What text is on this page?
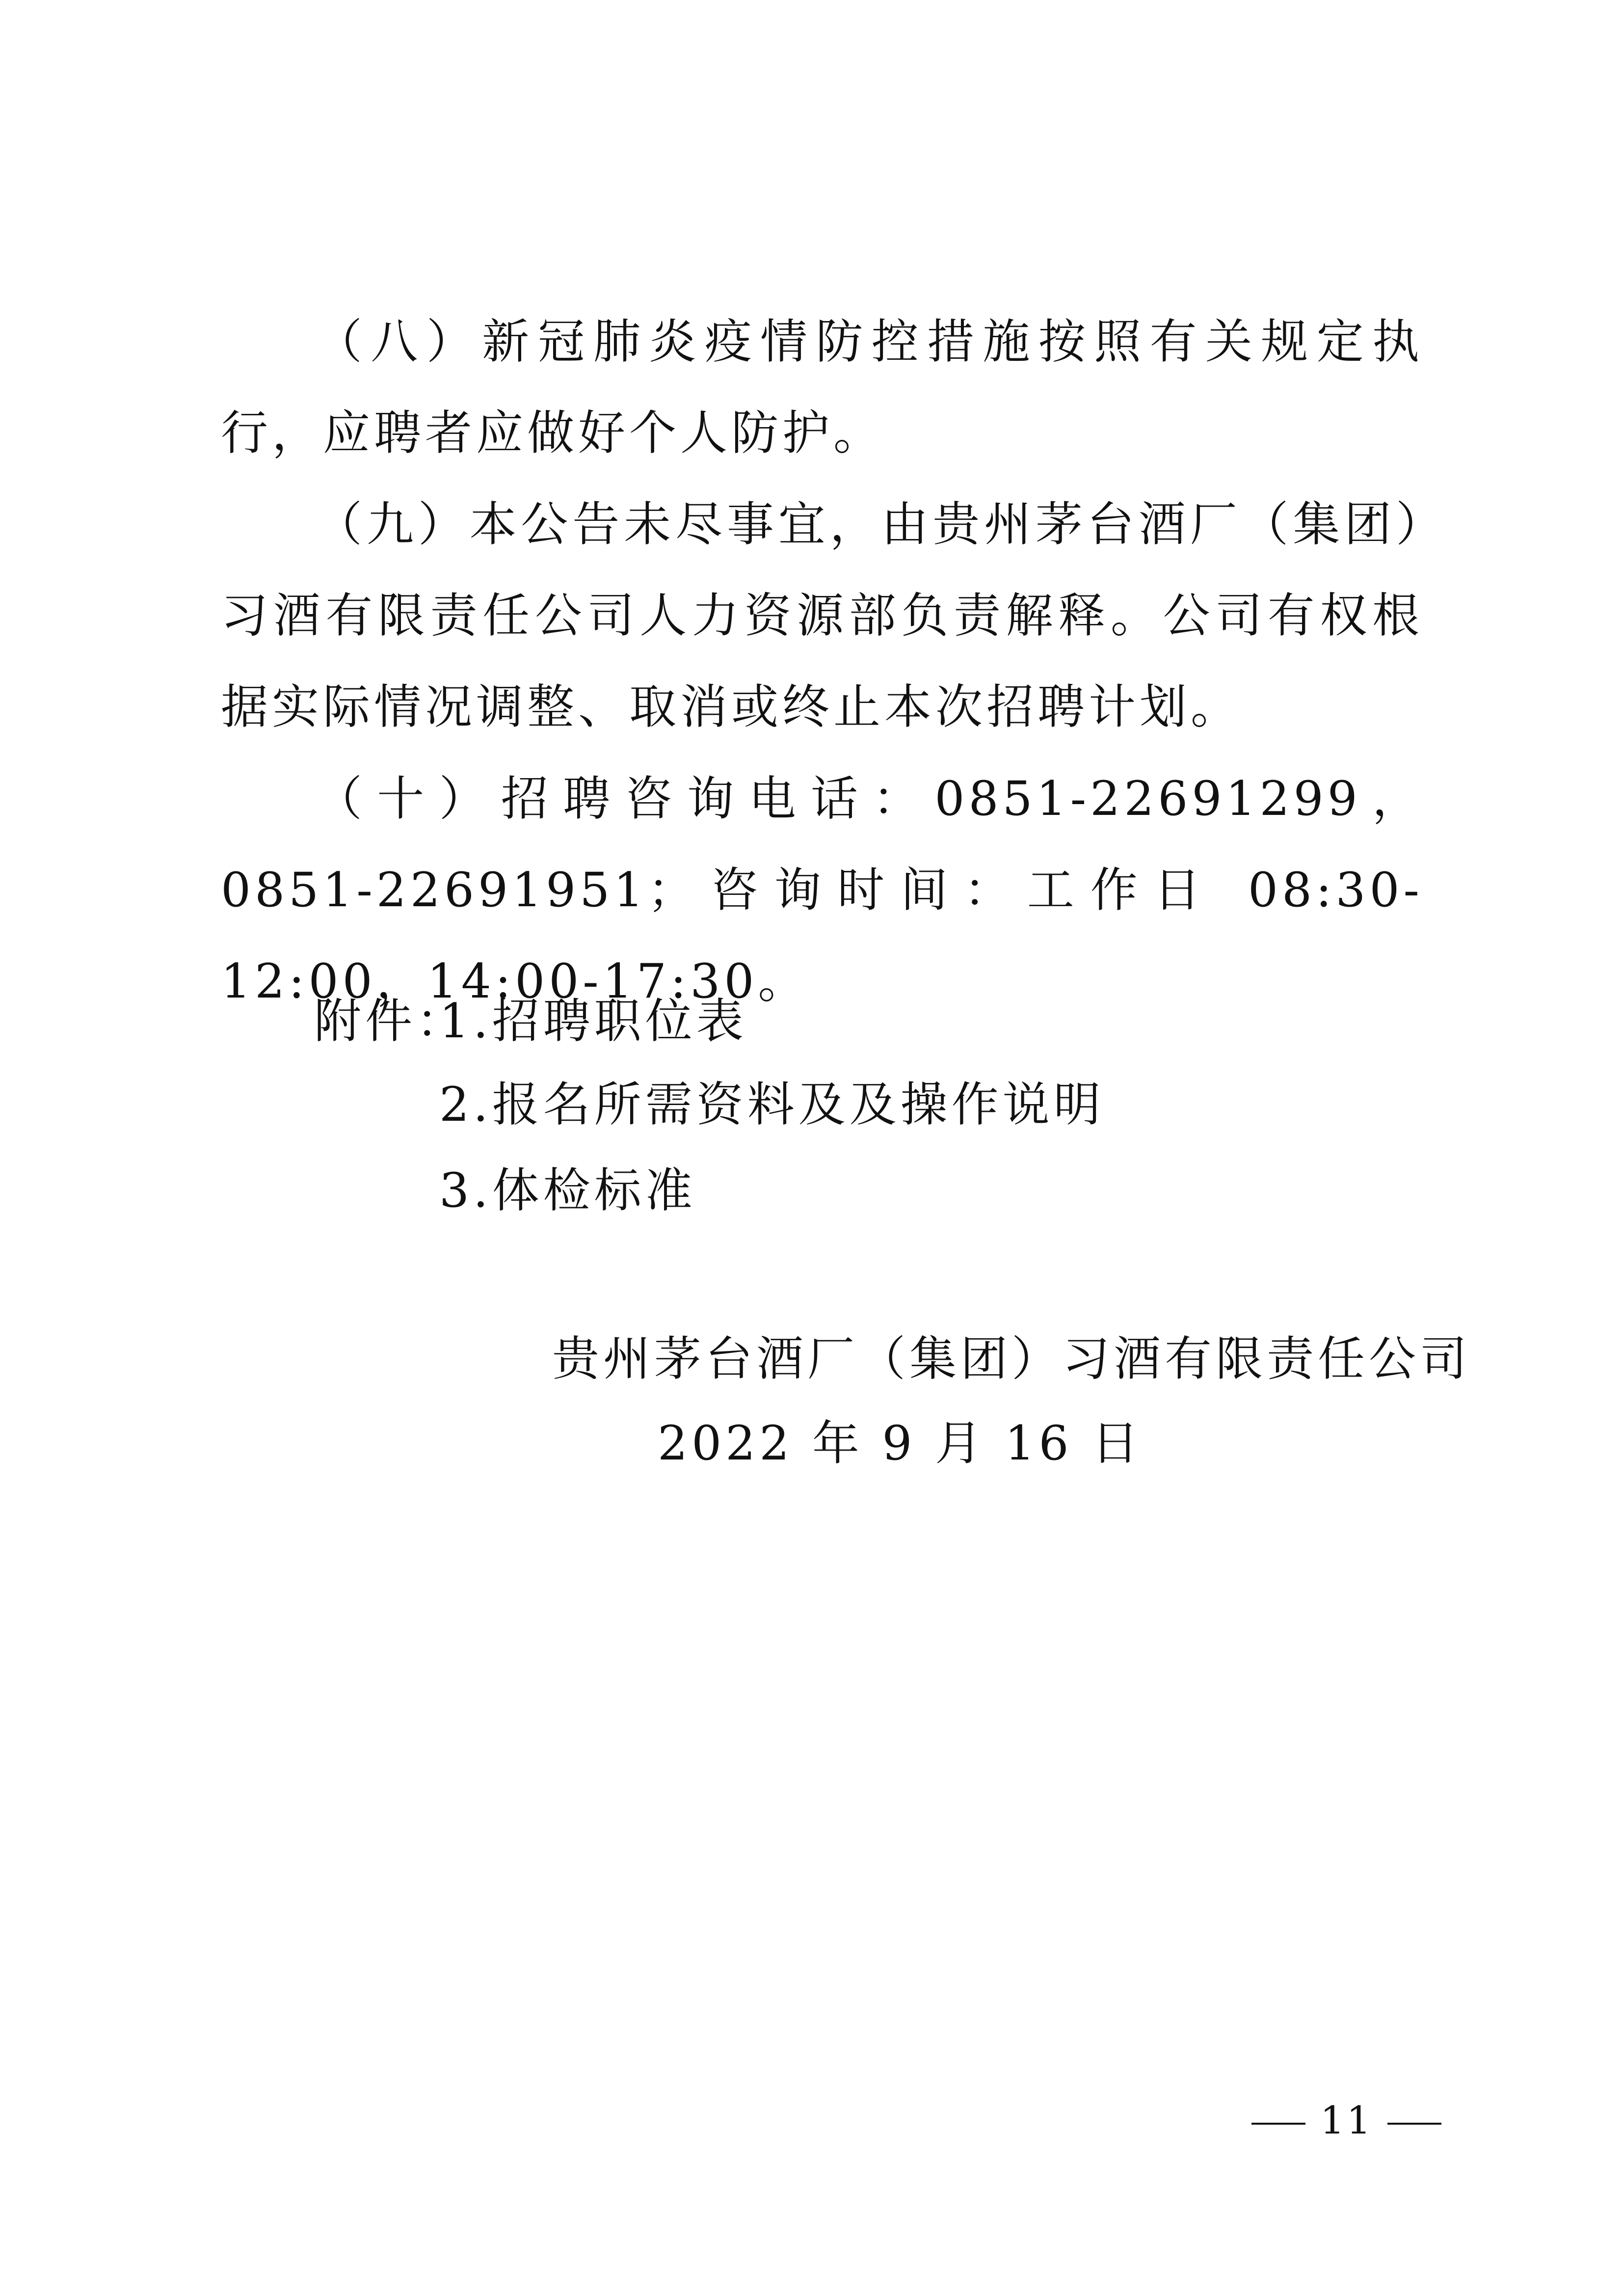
（八）新冠肺炎疫情防控措施按照有关规定执行，应聘者应做好个人防护。

（九）本公告未尽事宜，由贵州茅台酒厂（集团）习酒有限责任公司人力资源部负责解释。公司有权根据实际情况调整、取消或终止本次招聘计划。

（十）招聘咨询电话：0851-22691299，0851-22691951；咨询时间：工作日 08:30-12:00，14:00-17:30。

附件：
1.招聘职位表
2.报名所需资料及及操作说明
3.体检标准
贵州茅台酒厂（集团）习酒有限责任公司
2022 年 9 月 16 日
11
